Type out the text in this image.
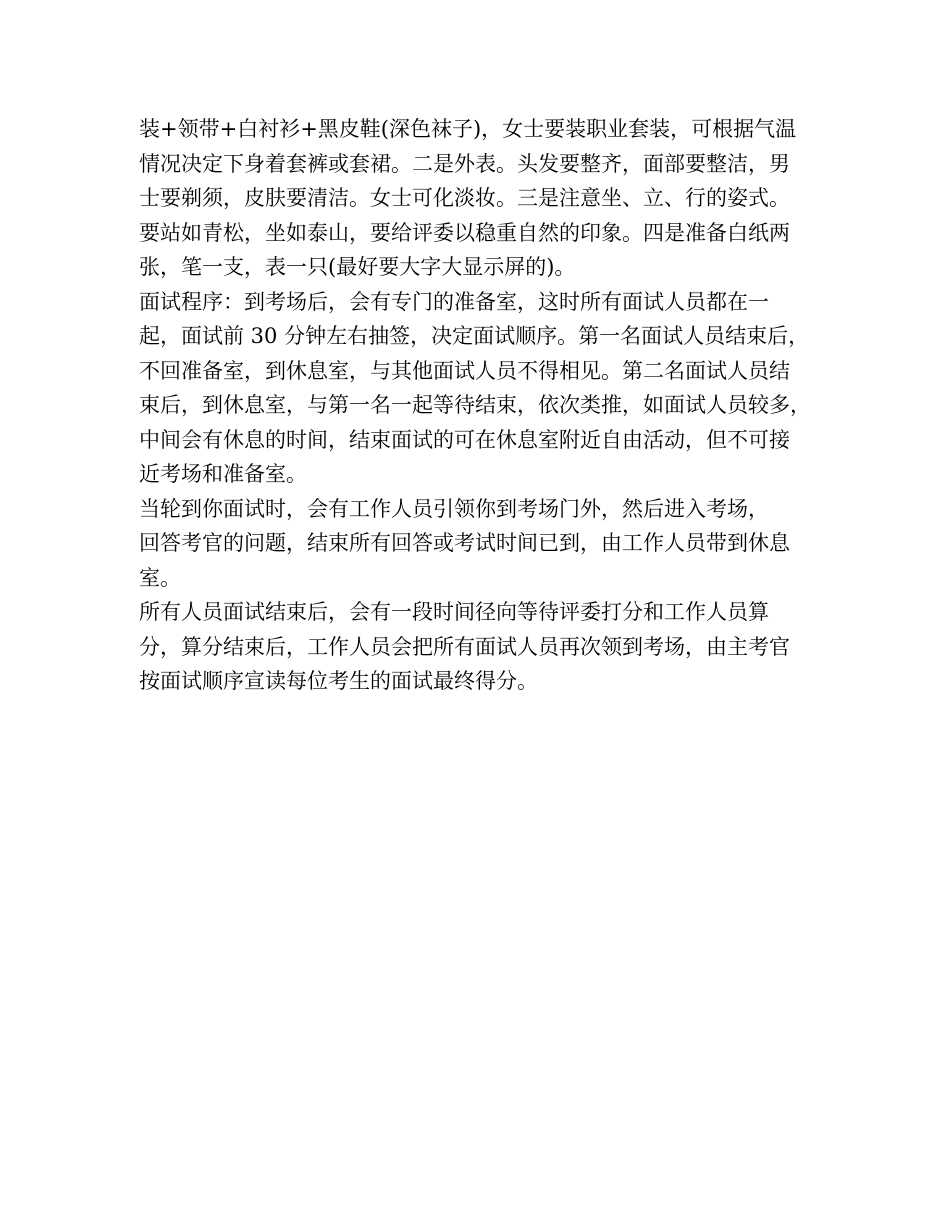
装+领带+白衬衫+黑皮鞋(深色袜子)，女士要装职业套装，可根据气温
情况决定下身着套裤或套裙。二是外表。头发要整齐，面部要整洁，男
士要剃须，皮肤要清洁。女士可化淡妆。三是注意坐、立、行的姿式。
要站如青松，坐如泰山，要给评委以稳重自然的印象。四是准备白纸两
张，笔一支，表一只(最好要大字大显示屏的)。

面试程序：到考场后，会有专门的准备室，这时所有面试人员都在一
起，面试前 30 分钟左右抽签，决定面试顺序。第一名面试人员结束后，
不回准备室，到休息室，与其他面试人员不得相见。第二名面试人员结
束后，到休息室，与第一名一起等待结束，依次类推，如面试人员较多，
中间会有休息的时间，结束面试的可在休息室附近自由活动，但不可接
近考场和准备室。

当轮到你面试时，会有工作人员引领你到考场门外，然后进入考场，
回答考官的问题，结束所有回答或考试时间已到，由工作人员带到休息
室。

所有人员面试结束后，会有一段时间径向等待评委打分和工作人员算
分，算分结束后，工作人员会把所有面试人员再次领到考场，由主考官
按面试顺序宣读每位考生的面试最终得分。
